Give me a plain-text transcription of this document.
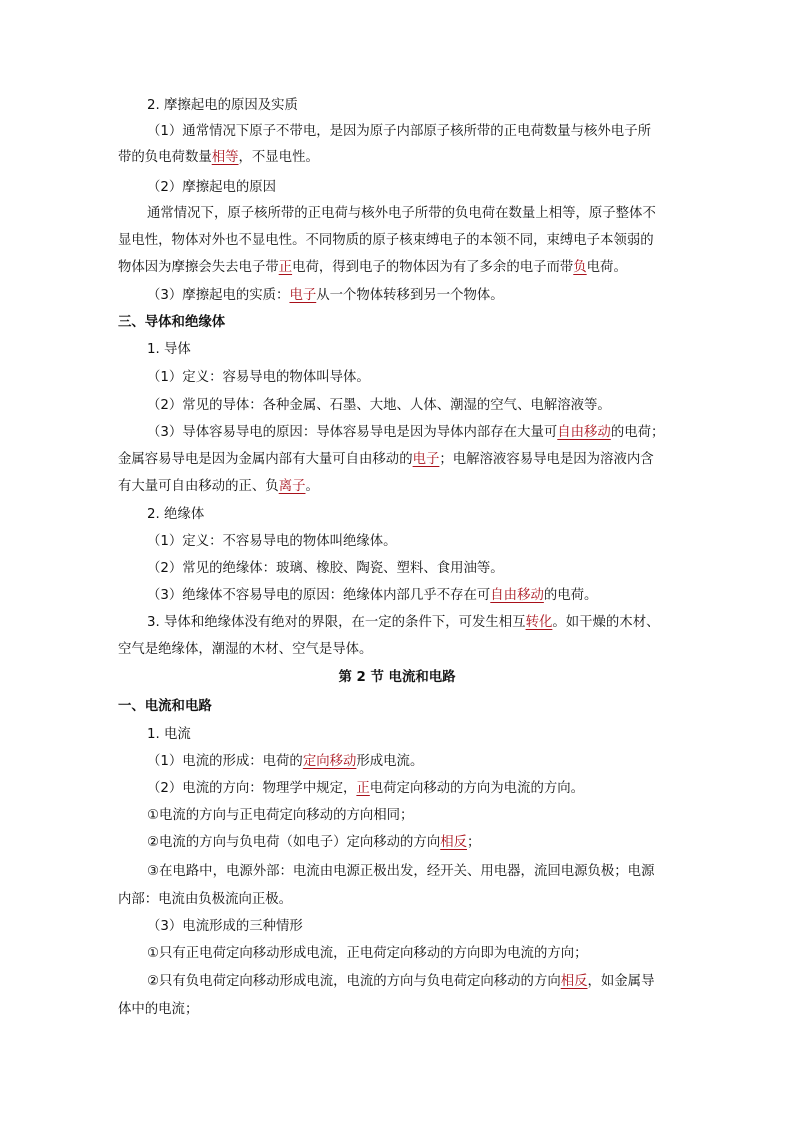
2. 摩擦起电的原因及实质
（1）通常情况下原子不带电，是因为原子内部原子核所带的正电荷数量与核外电子所
带的负电荷数量相等，不显电性。
（2）摩擦起电的原因
通常情况下，原子核所带的正电荷与核外电子所带的负电荷在数量上相等，原子整体不
显电性，物体对外也不显电性。不同物质的原子核束缚电子的本领不同，束缚电子本领弱的
物体因为摩擦会失去电子带正电荷，得到电子的物体因为有了多余的电子而带负电荷。
（3）摩擦起电的实质：电子从一个物体转移到另一个物体。
三、导体和绝缘体
1. 导体
（1）定义：容易导电的物体叫导体。
（2）常见的导体：各种金属、石墨、大地、人体、潮湿的空气、电解溶液等。
（3）导体容易导电的原因：导体容易导电是因为导体内部存在大量可自由移动的电荷；
金属容易导电是因为金属内部有大量可自由移动的电子；电解溶液容易导电是因为溶液内含
有大量可自由移动的正、负离子。
2. 绝缘体
（1）定义：不容易导电的物体叫绝缘体。
（2）常见的绝缘体：玻璃、橡胶、陶瓷、塑料、食用油等。
（3）绝缘体不容易导电的原因：绝缘体内部几乎不存在可自由移动的电荷。
3. 导体和绝缘体没有绝对的界限，在一定的条件下，可发生相互转化。如干燥的木材、
空气是绝缘体，潮湿的木材、空气是导体。
第 2 节 电流和电路
一、电流和电路
1. 电流
（1）电流的形成：电荷的定向移动形成电流。
（2）电流的方向：物理学中规定，正电荷定向移动的方向为电流的方向。
①电流的方向与正电荷定向移动的方向相同；
②电流的方向与负电荷（如电子）定向移动的方向相反；
③在电路中，电源外部：电流由电源正极出发，经开关、用电器，流回电源负极；电源
内部：电流由负极流向正极。
（3）电流形成的三种情形
①只有正电荷定向移动形成电流，正电荷定向移动的方向即为电流的方向；
②只有负电荷定向移动形成电流，电流的方向与负电荷定向移动的方向相反，如金属导
体中的电流；
